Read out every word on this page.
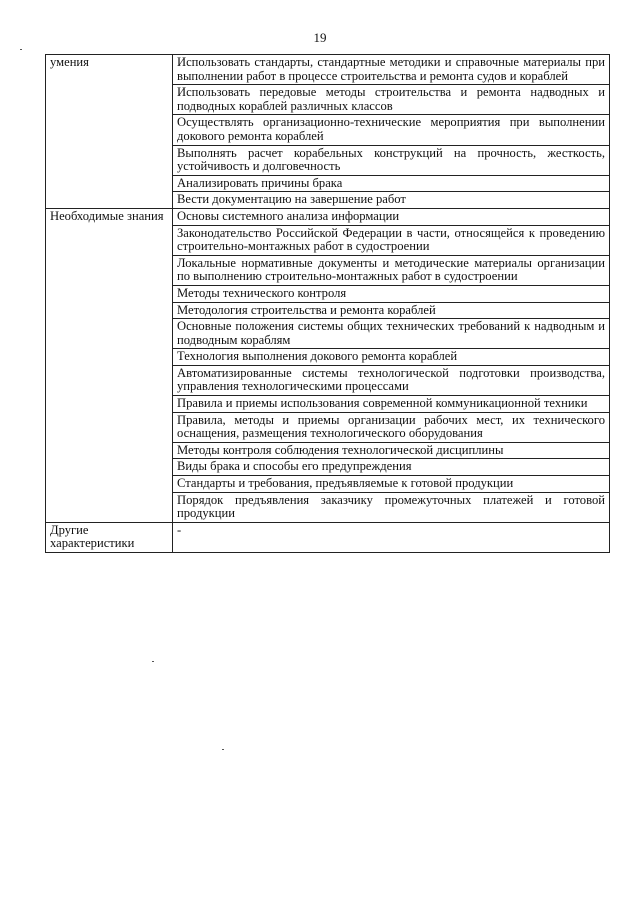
19
умения	Использовать стандарты, стандартные методики и справочные материалы при выполнении работ в процессе строительства и ремонта судов и кораблей
	Использовать передовые методы строительства и ремонта надводных и подводных кораблей различных классов
	Осуществлять организационно-технические мероприятия при выполнении докового ремонта кораблей
	Выполнять расчет корабельных конструкций на прочность, жесткость, устойчивость и долговечность
	Анализировать причины брака
	Вести документацию на завершение работ
Необходимые знания	Основы системного анализа информации
	Законодательство Российской Федерации в части, относящейся к проведению строительно-монтажных работ в судостроении
	Локальные нормативные документы и методические материалы организации по выполнению строительно-монтажных работ в судостроении
	Методы технического контроля
	Методология строительства и ремонта кораблей
	Основные положения системы общих технических требований к надводным и подводным кораблям
	Технология выполнения докового ремонта кораблей
	Автоматизированные системы технологической подготовки производства, управления технологическими процессами
	Правила и приемы использования современной коммуникационной техники
	Правила, методы и приемы организации рабочих мест, их технического оснащения, размещения технологического оборудования
	Методы контроля соблюдения технологической дисциплины
	Виды брака и способы его предупреждения
	Стандарты и требования, предъявляемые к готовой продукции
	Порядок предъявления заказчику промежуточных платежей и готовой продукции
Другие характеристики	-
